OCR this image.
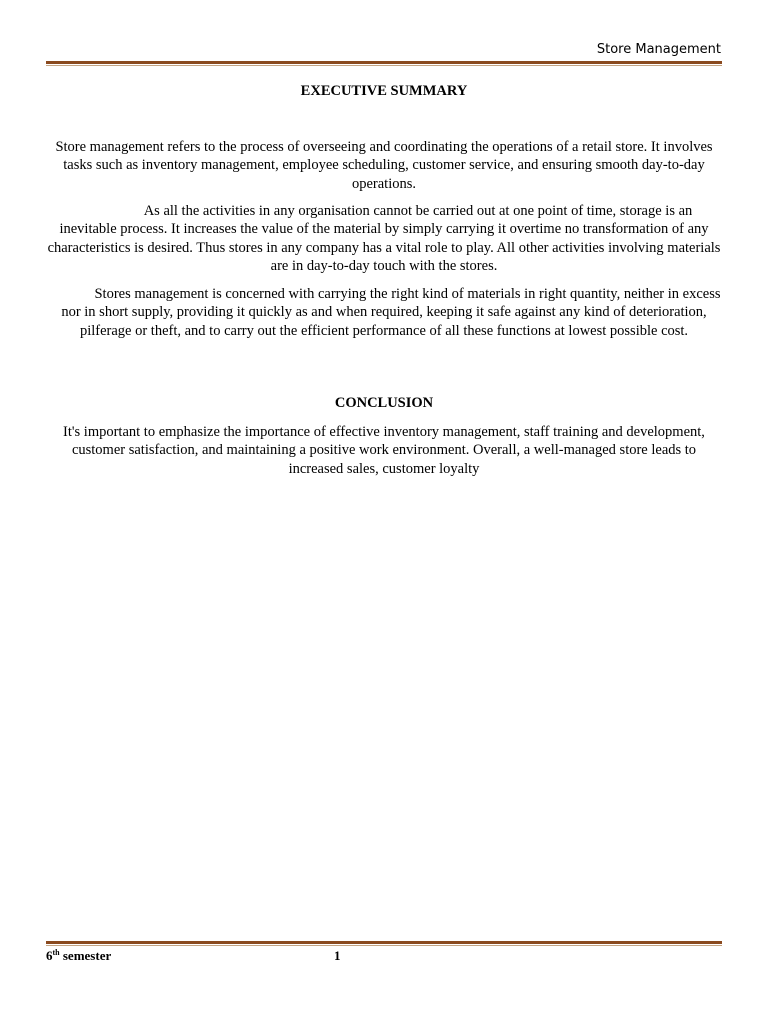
Store Management
EXECUTIVE SUMMARY

Store management refers to the process of overseeing and coordinating the operations of a retail store. It involves tasks such as inventory management, employee scheduling, customer service, and ensuring smooth day-to-day operations.

As all the activities in any organisation cannot be carried out at one point of time, storage is an inevitable process. It increases the value of the material by simply carrying it overtime no transformation of any characteristics is desired. Thus stores in any company has a vital role to play. All other activities involving materials are in day-to-day touch with the stores.

Stores management is concerned with carrying the right kind of materials in right quantity, neither in excess nor in short supply, providing it quickly as and when required, keeping it safe against any kind of deterioration, pilferage or theft, and to carry out the efficient performance of all these functions at lowest possible cost.

CONCLUSION

It's important to emphasize the importance of effective inventory management, staff training and development, customer satisfaction, and maintaining a positive work environment. Overall, a well-managed store leads to increased sales, customer loyalty

6th semester	1
